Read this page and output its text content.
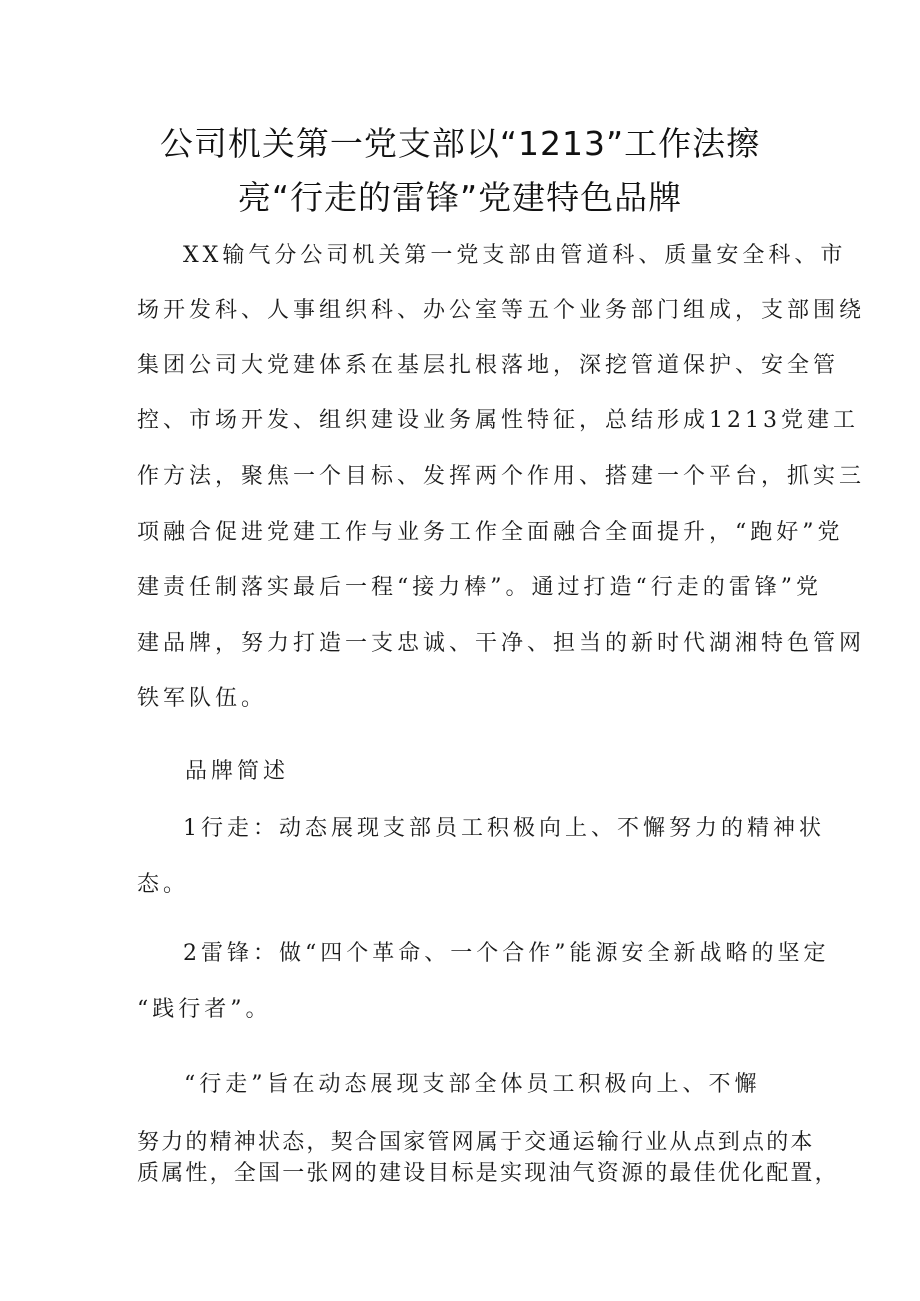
公司机关第一党支部以“1213”工作法擦
亮“行走的雷锋”党建特色品牌
XX输气分公司机关第一党支部由管道科、质量安全科、市
场开发科、人事组织科、办公室等五个业务部门组成，支部围绕
集团公司大党建体系在基层扎根落地，深挖管道保护、安全管
控、市场开发、组织建设业务属性特征，总结形成1213党建工
作方法，聚焦一个目标、发挥两个作用、搭建一个平台，抓实三
项融合促进党建工作与业务工作全面融合全面提升，“跑好”党
建责任制落实最后一程“接力棒”。通过打造“行走的雷锋”党
建品牌，努力打造一支忠诚、干净、担当的新时代湖湘特色管网
铁军队伍。
品牌简述
1行走：动态展现支部员工积极向上、不懈努力的精神状
态。
2雷锋：做“四个革命、一个合作”能源安全新战略的坚定
“践行者”。
“行走”旨在动态展现支部全体员工积极向上、不懈
努力的精神状态，契合国家管网属于交通运输行业从点到点的本
质属性，全国一张网的建设目标是实现油气资源的最佳优化配置，
